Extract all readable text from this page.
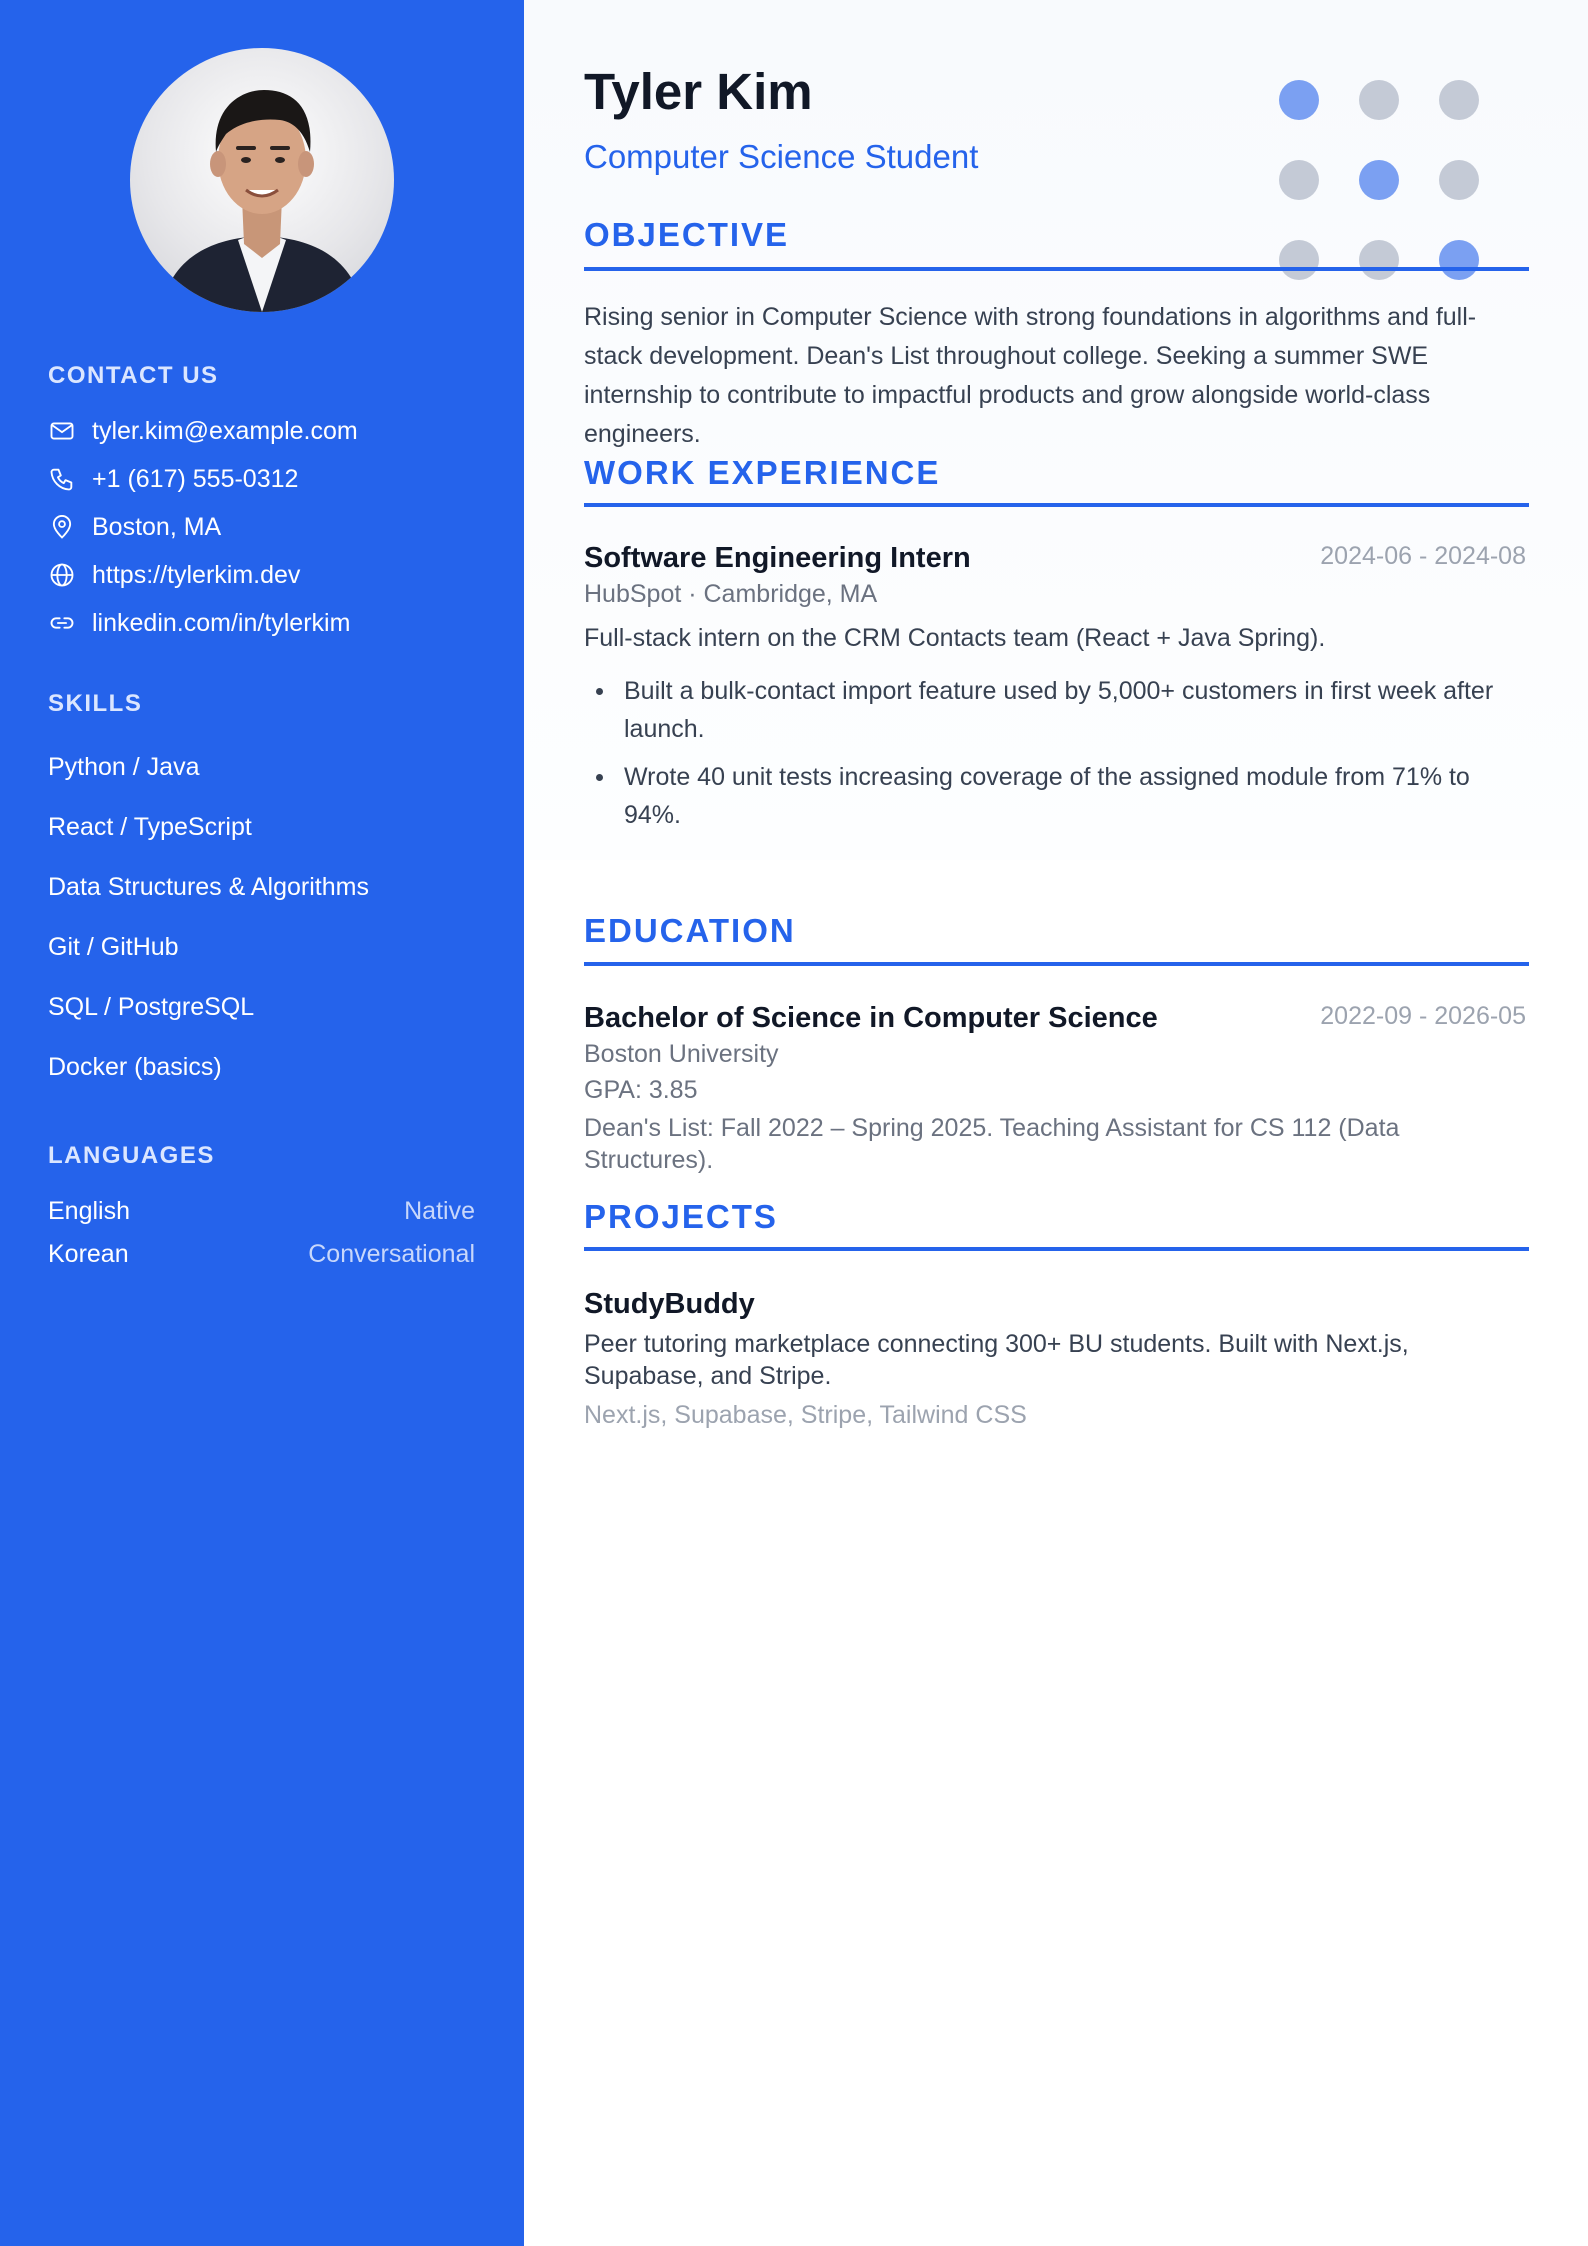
CONTACT US
tyler.kim@example.com
+1 (617) 555-0312
Boston, MA
https://tylerkim.dev
linkedin.com/in/tylerkim
SKILLS
Python / Java
React / TypeScript
Data Structures & Algorithms
Git / GitHub
SQL / PostgreSQL
Docker (basics)
LANGUAGES
English	Native
Korean	Conversational
Tyler Kim
Computer Science Student
OBJECTIVE
Rising senior in Computer Science with strong foundations in algorithms and full-stack development. Dean's List throughout college. Seeking a summer SWE internship to contribute to impactful products and grow alongside world-class engineers.
WORK EXPERIENCE
Software Engineering Intern	2024-06 - 2024-08
HubSpot · Cambridge, MA
Full-stack intern on the CRM Contacts team (React + Java Spring).
Built a bulk-contact import feature used by 5,000+ customers in first week after launch.
Wrote 40 unit tests increasing coverage of the assigned module from 71% to 94%.
EDUCATION
Bachelor of Science in Computer Science	2022-09 - 2026-05
Boston University
GPA: 3.85
Dean's List: Fall 2022 – Spring 2025. Teaching Assistant for CS 112 (Data Structures).
PROJECTS
StudyBuddy
Peer tutoring marketplace connecting 300+ BU students. Built with Next.js, Supabase, and Stripe.
Next.js, Supabase, Stripe, Tailwind CSS
